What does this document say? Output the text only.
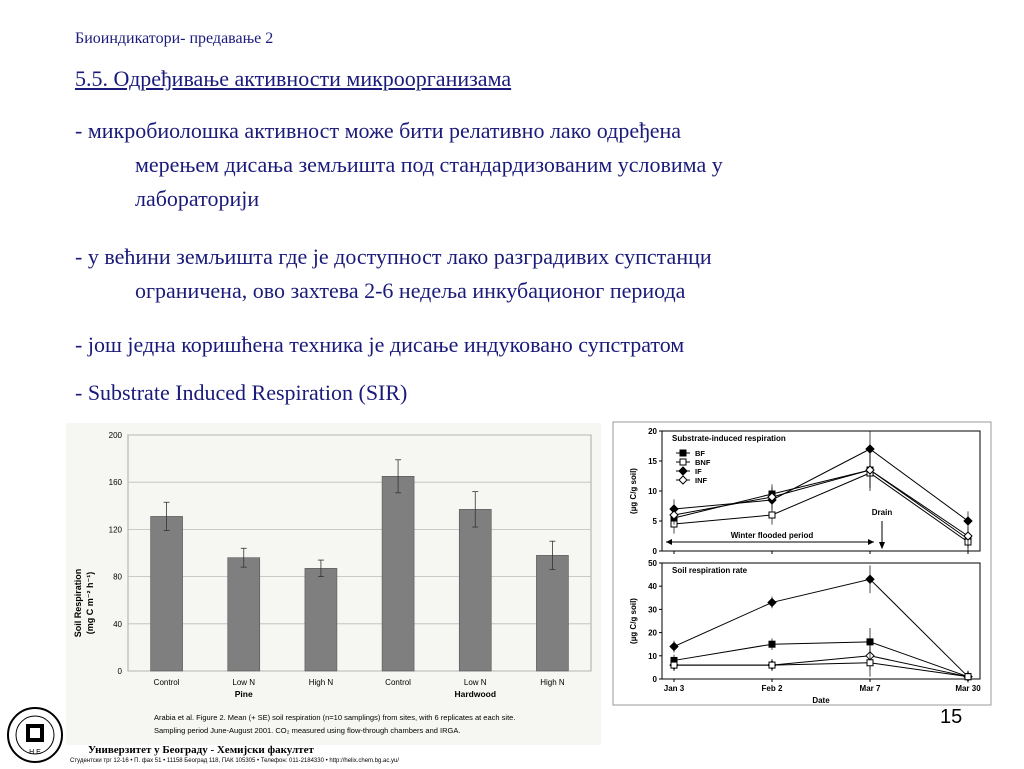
Биоиндикатори- предавање 2
5.5. Одређивање активности микроорганизама
- микробиолошка активност може бити релативно лако одређена
мерењем дисања земљишта под стандардизованим условима у
лабораторији
- у већини земљишта где је доступност лако разградивих супстанци
ограничена, ово захтева 2-6 недеља инкубационог периода
- још једна коришћена техника је дисање индуковано супстратом
- Substrate Induced Respiration (SIR)
Soil Respiration (mg C m⁻² h⁻¹)
0
40
80
120
160
200
Control	Low N	High N	Control	Low N	High N
Pine	Hardwood
Arabia et al. Figure 2. Mean (+ SE) soil respiration (n=10 samplings) from sites, with 6 replicates at each site.
Sampling period June-August 2001. CO₂ measured using flow-through chambers and IRGA.
Substrate-induced respiration
0
5
10
15
20
(µg C/g soil)
BF
BNF
IF
INF
Winter flooded period
Drain
Soil respiration rate
0
10
20
30
40
50
(µg C/g soil)
Jan 3	Feb 2	Mar 7	Mar 30
Date
15
Н Е	Универзитет у Београду - Хемијски факултет
Студентски трг 12-16 • П. фах 51 • 11158 Београд 118, ПАК 105305 • Телефон: 011-2184330 • http://helix.chem.bg.ac.yu/
